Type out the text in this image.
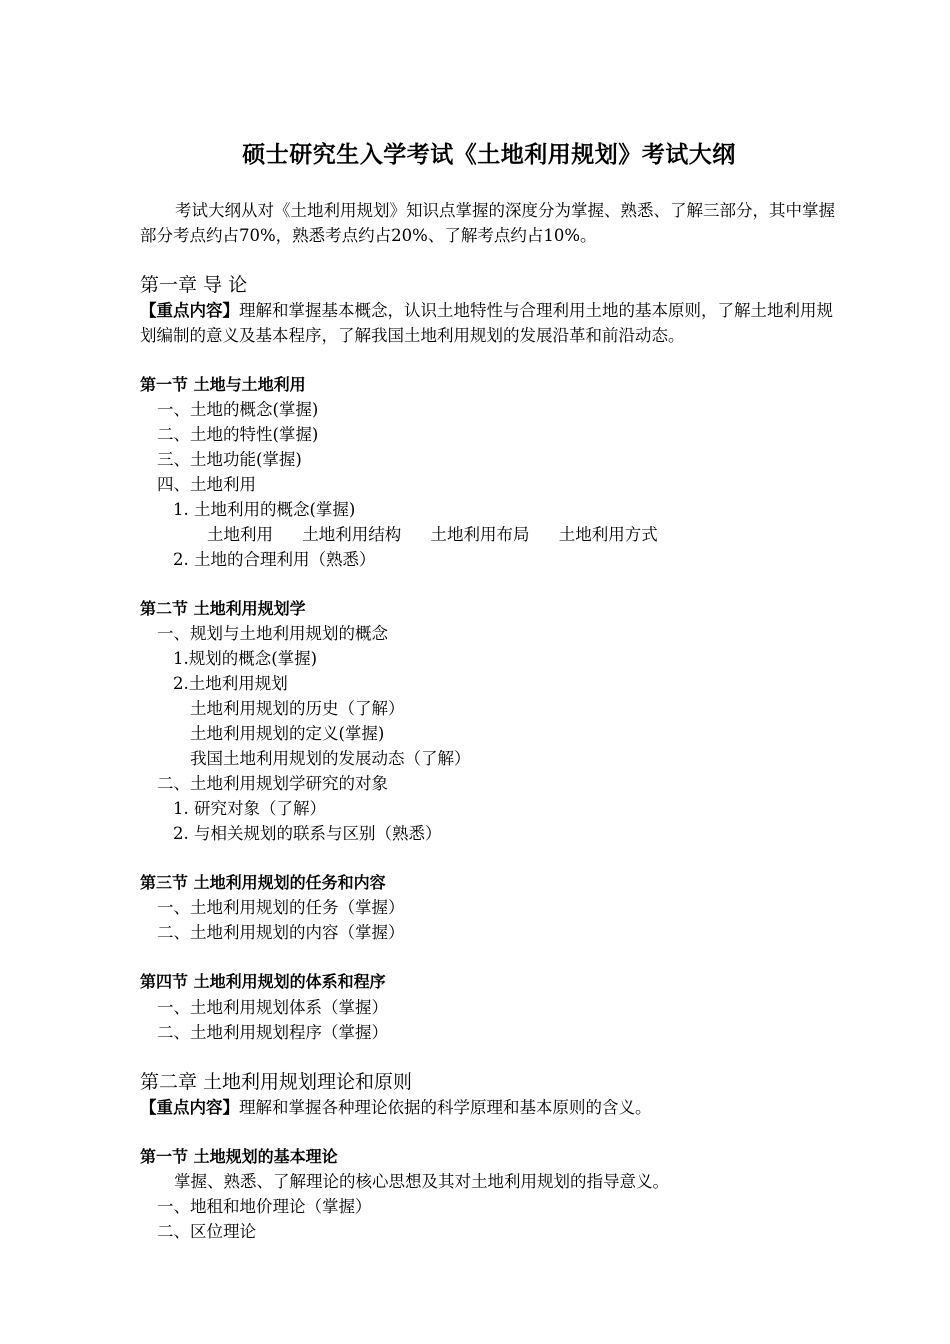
硕士研究生入学考试《土地利用规划》考试大纲

考试大纲从对《土地利用规划》知识点掌握的深度分为掌握、熟悉、了解三部分，其中掌握部分考点约占70%，熟悉考点约占20%、了解考点约占10%。

第一章 导 论
【重点内容】理解和掌握基本概念，认识土地特性与合理利用土地的基本原则，了解土地利用规划编制的意义及基本程序，了解我国土地利用规划的发展沿革和前沿动态。
第一节 土地与土地利用
一、土地的概念(掌握)
二、土地的特性(掌握)
三、土地功能(掌握)
四、土地利用
1. 土地利用的概念(掌握)
土地利用 土地利用结构 土地利用布局 土地利用方式
2. 土地的合理利用（熟悉）
第二节 土地利用规划学
一、规划与土地利用规划的概念
1.规划的概念(掌握)
2.土地利用规划
土地利用规划的历史（了解）
土地利用规划的定义(掌握)
我国土地利用规划的发展动态（了解）
二、土地利用规划学研究的对象
1. 研究对象（了解）
2. 与相关规划的联系与区别（熟悉）
第三节 土地利用规划的任务和内容
一、土地利用规划的任务（掌握）
二、土地利用规划的内容（掌握）
第四节 土地利用规划的体系和程序
一、土地利用规划体系（掌握）
二、土地利用规划程序（掌握）
第二章 土地利用规划理论和原则
【重点内容】理解和掌握各种理论依据的科学原理和基本原则的含义。
第一节 土地规划的基本理论
掌握、熟悉、了解理论的核心思想及其对土地利用规划的指导意义。
一、地租和地价理论（掌握）
二、区位理论
